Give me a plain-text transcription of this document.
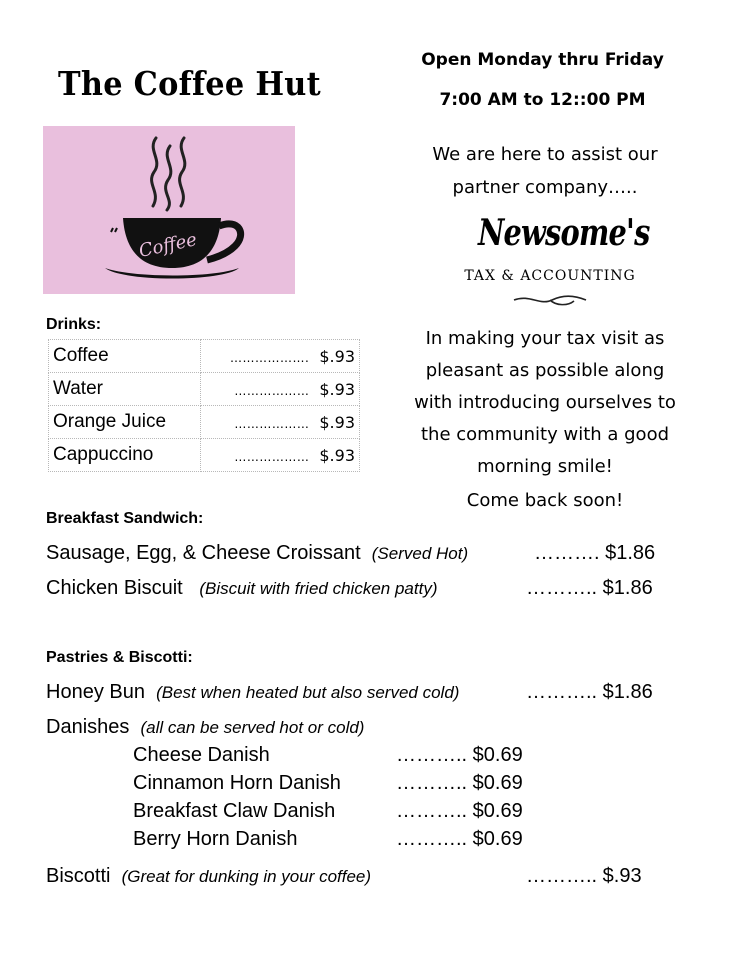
The Coffee Hut
Coffee
Open Monday thru Friday
7:00 AM to 12::00 PM
We are here to assist our partner company…..
Newsome's
TAX & ACCOUNTING
In making your tax visit as pleasant as possible along with introducing ourselves to the community with a good morning smile!
Come back soon!
Drinks:
Coffee	………………. $.93
Water	……………… $.93
Orange Juice	……………… $.93
Cappuccino	……………… $.93
Breakfast Sandwich:
Sausage, Egg, & Cheese Croissant (Served Hot)	………. $1.86
Chicken Biscuit (Biscuit with fried chicken patty)	……….. $1.86
Pastries & Biscotti:
Honey Bun (Best when heated but also served cold)	……….. $1.86
Danishes (all can be served hot or cold)
Cheese Danish	……….. $0.69
Cinnamon Horn Danish	……….. $0.69
Breakfast Claw Danish	……….. $0.69
Berry Horn Danish	……….. $0.69
Biscotti (Great for dunking in your coffee)	……….. $.93
